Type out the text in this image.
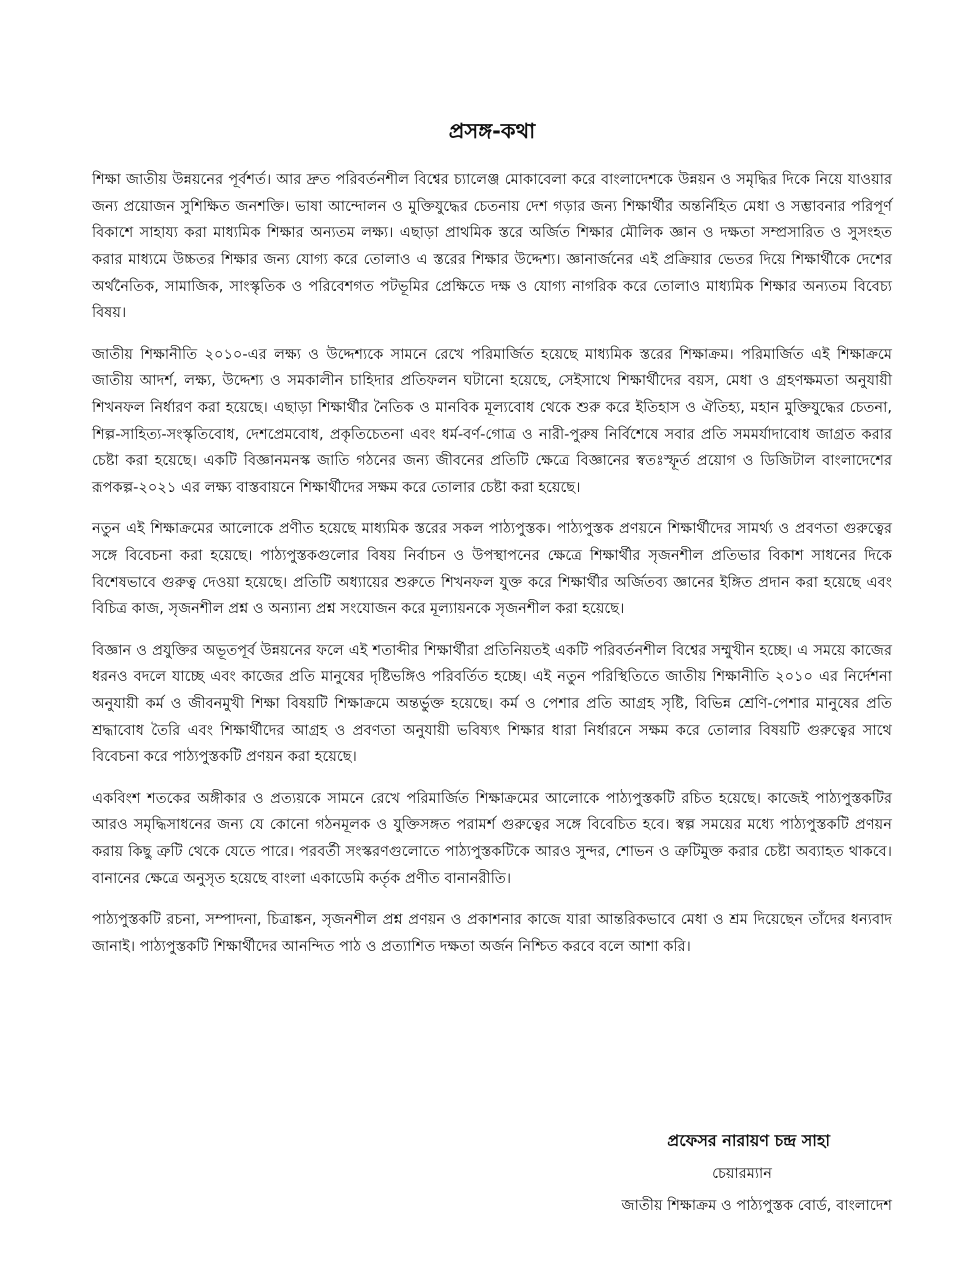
প্রসঙ্গ-কথা

শিক্ষা জাতীয় উন্নয়নের পূর্বশর্ত। আর দ্রুত পরিবর্তনশীল বিশ্বের চ্যালেঞ্জ মোকাবেলা করে বাংলাদেশকে উন্নয়ন ও সমৃদ্ধির দিকে নিয়ে যাওয়ার জন্য প্রয়োজন সুশিক্ষিত জনশক্তি। ভাষা আন্দোলন ও মুক্তিযুদ্ধের চেতনায় দেশ গড়ার জন্য শিক্ষার্থীর অন্তর্নিহিত মেধা ও সম্ভাবনার পরিপূর্ণ বিকাশে সাহায্য করা মাধ্যমিক শিক্ষার অন্যতম লক্ষ্য। এছাড়া প্রাথমিক স্তরে অর্জিত শিক্ষার মৌলিক জ্ঞান ও দক্ষতা সম্প্রসারিত ও সুসংহত করার মাধ্যমে উচ্চতর শিক্ষার জন্য যোগ্য করে তোলাও এ স্তরের শিক্ষার উদ্দেশ্য। জ্ঞানার্জনের এই প্রক্রিয়ার ভেতর দিয়ে শিক্ষার্থীকে দেশের অর্থনৈতিক, সামাজিক, সাংস্কৃতিক ও পরিবেশগত পটভূমির প্রেক্ষিতে দক্ষ ও যোগ্য নাগরিক করে তোলাও মাধ্যমিক শিক্ষার অন্যতম বিবেচ্য বিষয়।

জাতীয় শিক্ষানীতি ২০১০-এর লক্ষ্য ও উদ্দেশ্যকে সামনে রেখে পরিমার্জিত হয়েছে মাধ্যমিক স্তরের শিক্ষাক্রম। পরিমার্জিত এই শিক্ষাক্রমে জাতীয় আদর্শ, লক্ষ্য, উদ্দেশ্য ও সমকালীন চাহিদার প্রতিফলন ঘটানো হয়েছে, সেইসাথে শিক্ষার্থীদের বয়স, মেধা ও গ্রহণক্ষমতা অনুযায়ী শিখনফল নির্ধারণ করা হয়েছে। এছাড়া শিক্ষার্থীর নৈতিক ও মানবিক মূল্যবোধ থেকে শুরু করে ইতিহাস ও ঐতিহ্য, মহান মুক্তিযুদ্ধের চেতনা, শিল্প-সাহিত্য-সংস্কৃতিবোধ, দেশপ্রেমবোধ, প্রকৃতিচেতনা এবং ধর্ম-বর্ণ-গোত্র ও নারী-পুরুষ নির্বিশেষে সবার প্রতি সমমর্যাদাবোধ জাগ্রত করার চেষ্টা করা হয়েছে। একটি বিজ্ঞানমনস্ক জাতি গঠনের জন্য জীবনের প্রতিটি ক্ষেত্রে বিজ্ঞানের স্বতঃস্ফূর্ত প্রয়োগ ও ডিজিটাল বাংলাদেশের রূপকল্প-২০২১ এর লক্ষ্য বাস্তবায়নে শিক্ষার্থীদের সক্ষম করে তোলার চেষ্টা করা হয়েছে।

নতুন এই শিক্ষাক্রমের আলোকে প্রণীত হয়েছে মাধ্যমিক স্তরের সকল পাঠ্যপুস্তক। পাঠ্যপুস্তক প্রণয়নে শিক্ষার্থীদের সামর্থ্য ও প্রবণতা গুরুত্বের সঙ্গে বিবেচনা করা হয়েছে। পাঠ্যপুস্তকগুলোর বিষয় নির্বাচন ও উপস্থাপনের ক্ষেত্রে শিক্ষার্থীর সৃজনশীল প্রতিভার বিকাশ সাধনের দিকে বিশেষভাবে গুরুত্ব দেওয়া হয়েছে। প্রতিটি অধ্যায়ের শুরুতে শিখনফল যুক্ত করে শিক্ষার্থীর অর্জিতব্য জ্ঞানের ইঙ্গিত প্রদান করা হয়েছে এবং বিচিত্র কাজ, সৃজনশীল প্রশ্ন ও অন্যান্য প্রশ্ন সংযোজন করে মূল্যায়নকে সৃজনশীল করা হয়েছে।

বিজ্ঞান ও প্রযুক্তির অভূতপূর্ব উন্নয়নের ফলে এই শতাব্দীর শিক্ষার্থীরা প্রতিনিয়তই একটি পরিবর্তনশীল বিশ্বের সম্মুখীন হচ্ছে। এ সময়ে কাজের ধরনও বদলে যাচ্ছে এবং কাজের প্রতি মানুষের দৃষ্টিভঙ্গিও পরিবর্তিত হচ্ছে। এই নতুন পরিস্থিতিতে জাতীয় শিক্ষানীতি ২০১০ এর নির্দেশনা অনুযায়ী কর্ম ও জীবনমুখী শিক্ষা বিষয়টি শিক্ষাক্রমে অন্তর্ভুক্ত হয়েছে। কর্ম ও পেশার প্রতি আগ্রহ সৃষ্টি, বিভিন্ন শ্রেণি-পেশার মানুষের প্রতি শ্রদ্ধাবোধ তৈরি এবং শিক্ষার্থীদের আগ্রহ ও প্রবণতা অনুযায়ী ভবিষ্যৎ শিক্ষার ধারা নির্ধারনে সক্ষম করে তোলার বিষয়টি গুরুত্বের সাথে বিবেচনা করে পাঠ্যপুস্তকটি প্রণয়ন করা হয়েছে।

একবিংশ শতকের অঙ্গীকার ও প্রত্যয়কে সামনে রেখে পরিমার্জিত শিক্ষাক্রমের আলোকে পাঠ্যপুস্তকটি রচিত হয়েছে। কাজেই পাঠ্যপুস্তকটির আরও সমৃদ্ধিসাধনের জন্য যে কোনো গঠনমূলক ও যুক্তিসঙ্গত পরামর্শ গুরুত্বের সঙ্গে বিবেচিত হবে। স্বল্প সময়ের মধ্যে পাঠ্যপুস্তকটি প্রণয়ন করায় কিছু ত্রুটি থেকে যেতে পারে। পরবর্তী সংস্করণগুলোতে পাঠ্যপুস্তকটিকে আরও সুন্দর, শোভন ও ত্রুটিমুক্ত করার চেষ্টা অব্যাহত থাকবে। বানানের ক্ষেত্রে অনুসৃত হয়েছে বাংলা একাডেমি কর্তৃক প্রণীত বানানরীতি।

পাঠ্যপুস্তকটি রচনা, সম্পাদনা, চিত্রাঙ্কন, সৃজনশীল প্রশ্ন প্রণয়ন ও প্রকাশনার কাজে যারা আন্তরিকভাবে মেধা ও শ্রম দিয়েছেন তাঁদের ধন্যবাদ জানাই। পাঠ্যপুস্তকটি শিক্ষার্থীদের আনন্দিত পাঠ ও প্রত্যাশিত দক্ষতা অর্জন নিশ্চিত করবে বলে আশা করি।

প্রফেসর নারায়ণ চন্দ্র সাহা
চেয়ারম্যান
জাতীয় শিক্ষাক্রম ও পাঠ্যপুস্তক বোর্ড, বাংলাদেশ
